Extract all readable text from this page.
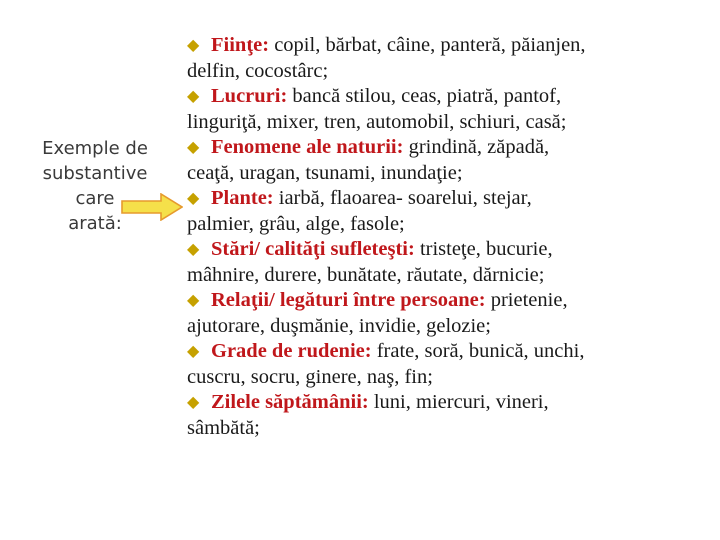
Exemple de
substantive
care
arată:
◆ Fiinţe: copil, bărbat, câine, panteră, păianjen,
delfin, cocostârc;
◆ Lucruri: bancă stilou, ceas, piatră, pantof,
linguriţă, mixer, tren, automobil, schiuri, casă;
◆ Fenomene ale naturii: grindină, zăpadă,
ceaţă, uragan, tsunami, inundaţie;
◆ Plante: iarbă, flaoarea- soarelui, stejar,
palmier, grâu, alge, fasole;
◆ Stări/ calităţi sufleteşti: tristeţe, bucurie,
mâhnire, durere, bunătate, răutate, dărnicie;
◆ Relaţii/ legături între persoane: prietenie,
ajutorare, duşmănie, invidie, gelozie;
◆ Grade de rudenie: frate, soră, bunică, unchi,
cuscru, socru, ginere, naş, fin;
◆ Zilele săptămânii: luni, miercuri, vineri,
sâmbătă;
